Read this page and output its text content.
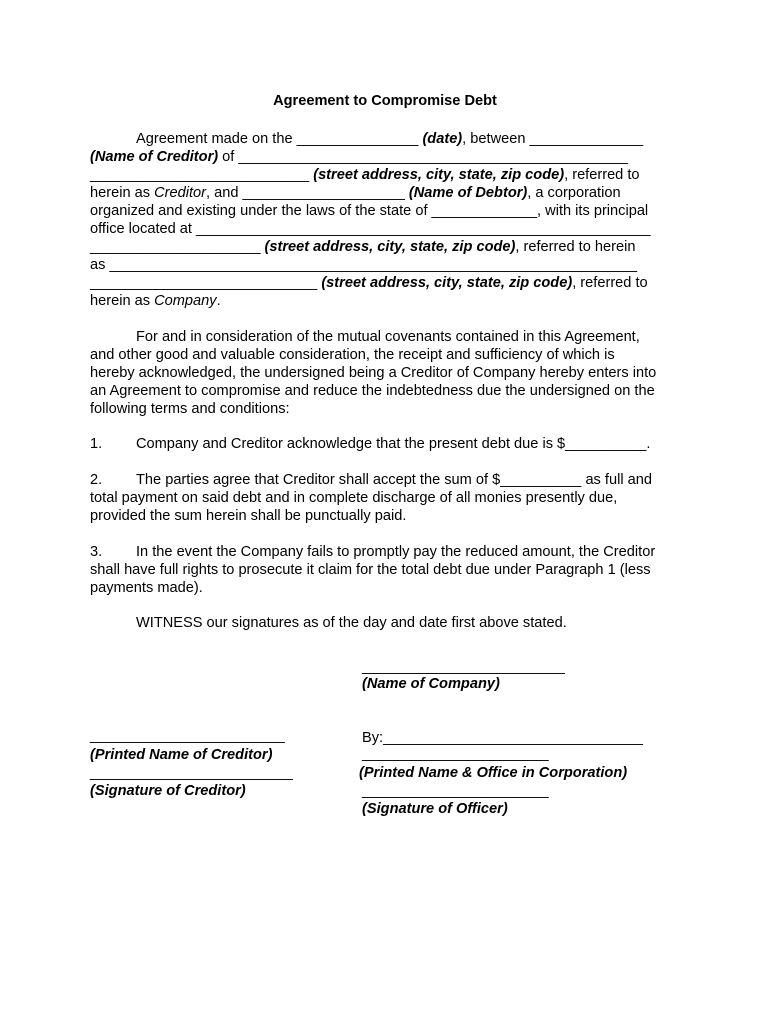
Agreement to Compromise Debt
Agreement made on the _______________ (date), between ______________
(Name of Creditor) of ________________________________________________
___________________________ (street address, city, state, zip code), referred to
herein as Creditor, and ____________________ (Name of Debtor), a corporation
organized and existing under the laws of the state of _____________, with its principal
office located at ________________________________________________________
_____________________ (street address, city, state, zip code), referred to herein
as _________________________________________________________________
____________________________ (street address, city, state, zip code), referred to
herein as Company.
For and in consideration of the mutual covenants contained in this Agreement,
and other good and valuable consideration, the receipt and sufficiency of which is
hereby acknowledged, the undersigned being a Creditor of Company hereby enters into
an Agreement to compromise and reduce the indebtedness due the undersigned on the
following terms and conditions:
1. Company and Creditor acknowledge that the present debt due is $__________.
2. The parties agree that Creditor shall accept the sum of $__________ as full and
total payment on said debt and in complete discharge of all monies presently due,
provided the sum herein shall be punctually paid.
3. In the event the Company fails to promptly pay the reduced amount, the Creditor
shall have full rights to prosecute it claim for the total debt due under Paragraph 1 (less
payments made).
WITNESS our signatures as of the day and date first above stated.
_________________________
(Name of Company)
By:________________________________
________________________
(Printed Name of Creditor)	_______________________
(Printed Name & Office in Corporation)
_________________________
(Signature of Creditor)	_______________________
(Signature of Officer)
